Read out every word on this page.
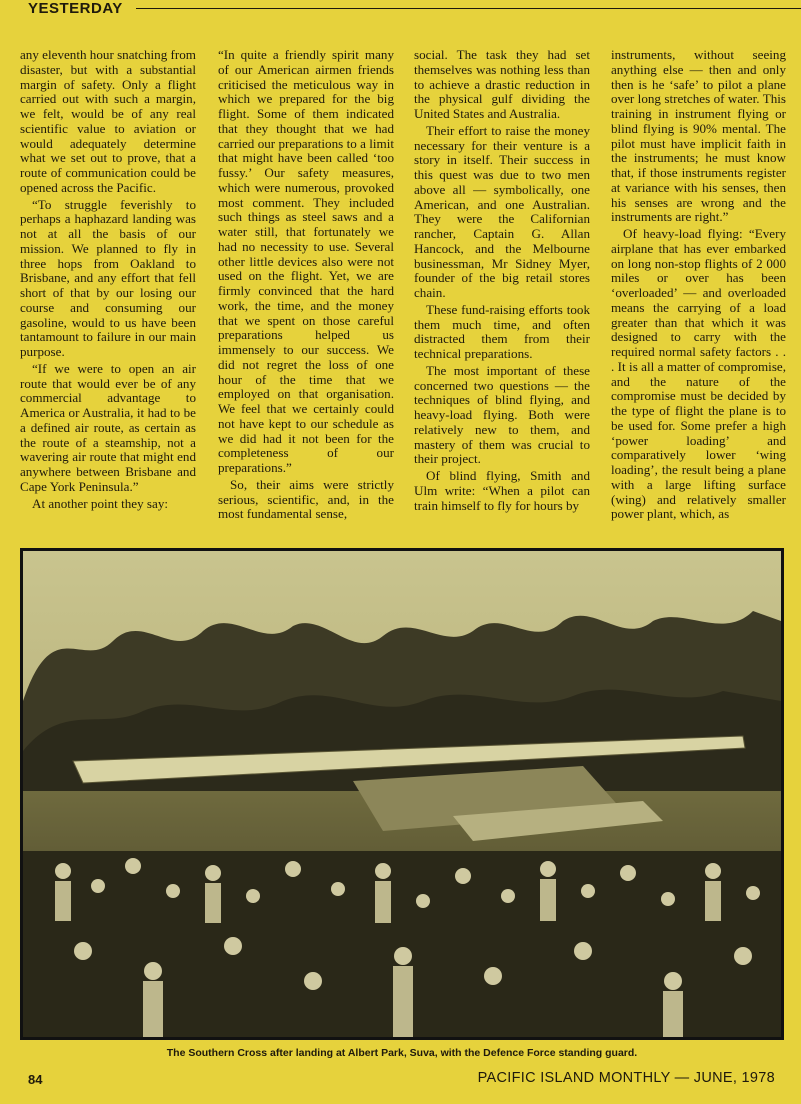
YESTERDAY

any eleventh hour snatching from disaster, but with a substantial margin of safety. Only a flight carried out with such a margin, we felt, would be of any real scientific value to aviation or would adequately determine what we set out to prove, that a route of communication could be opened across the Pacific.

“To struggle feverishly to perhaps a haphazard landing was not at all the basis of our mission. We planned to fly in three hops from Oakland to Brisbane, and any effort that fell short of that by our losing our course and consuming our gasoline, would to us have been tantamount to failure in our main purpose.

“If we were to open an air route that would ever be of any commercial advantage to America or Australia, it had to be a defined air route, as certain as the route of a steamship, not a wavering air route that might end anywhere between Brisbane and Cape York Peninsula.”

At another point they say:

“In quite a friendly spirit many of our American airmen friends criticised the meticulous way in which we prepared for the big flight. Some of them indicated that they thought that we had carried our preparations to a limit that might have been called ‘too fussy.’ Our safety measures, which were numerous, provoked most comment. They included such things as steel saws and a water still, that fortunately we had no necessity to use. Several other little devices also were not used on the flight. Yet, we are firmly convinced that the hard work, the time, and the money that we spent on those careful preparations helped us immensely to our success. We did not regret the loss of one hour of the time that we employed on that organisation. We feel that we certainly could not have kept to our schedule as we did had it not been for the completeness of our preparations.”

So, their aims were strictly serious, scientific, and, in the most fundamental sense,

social. The task they had set themselves was nothing less than to achieve a drastic reduction in the physical gulf dividing the United States and Australia.

Their effort to raise the money necessary for their venture is a story in itself. Their success in this quest was due to two men above all — symbolically, one American, and one Australian. They were the Californian rancher, Captain G. Allan Hancock, and the Melbourne businessman, Mr Sidney Myer, founder of the big retail stores chain.

These fund-raising efforts took them much time, and often distracted them from their technical preparations.

The most important of these concerned two questions — the techniques of blind flying, and heavy-load flying. Both were relatively new to them, and mastery of them was crucial to their project.

Of blind flying, Smith and Ulm write: “When a pilot can train himself to fly for hours by

instruments, without seeing anything else — then and only then is he ‘safe’ to pilot a plane over long stretches of water. This training in instrument flying or blind flying is 90% mental. The pilot must have implicit faith in the instruments; he must know that, if those instruments register at variance with his senses, then his senses are wrong and the instruments are right.”

Of heavy-load flying: “Every airplane that has ever embarked on long non-stop flights of 2 000 miles or over has been ‘overloaded’ — and overloaded means the carrying of a load greater than that which it was designed to carry with the required normal safety factors . . . It is all a matter of compromise, and the nature of the compromise must be decided by the type of flight the plane is to be used for. Some prefer a high ‘power loading’ and comparatively lower ‘wing loading’, the result being a plane with a large lifting surface (wing) and relatively smaller power plant, which, as

The Southern Cross after landing at Albert Park, Suva, with the Defence Force standing guard.
84	PACIFIC ISLAND MONTHLY — JUNE, 1978
